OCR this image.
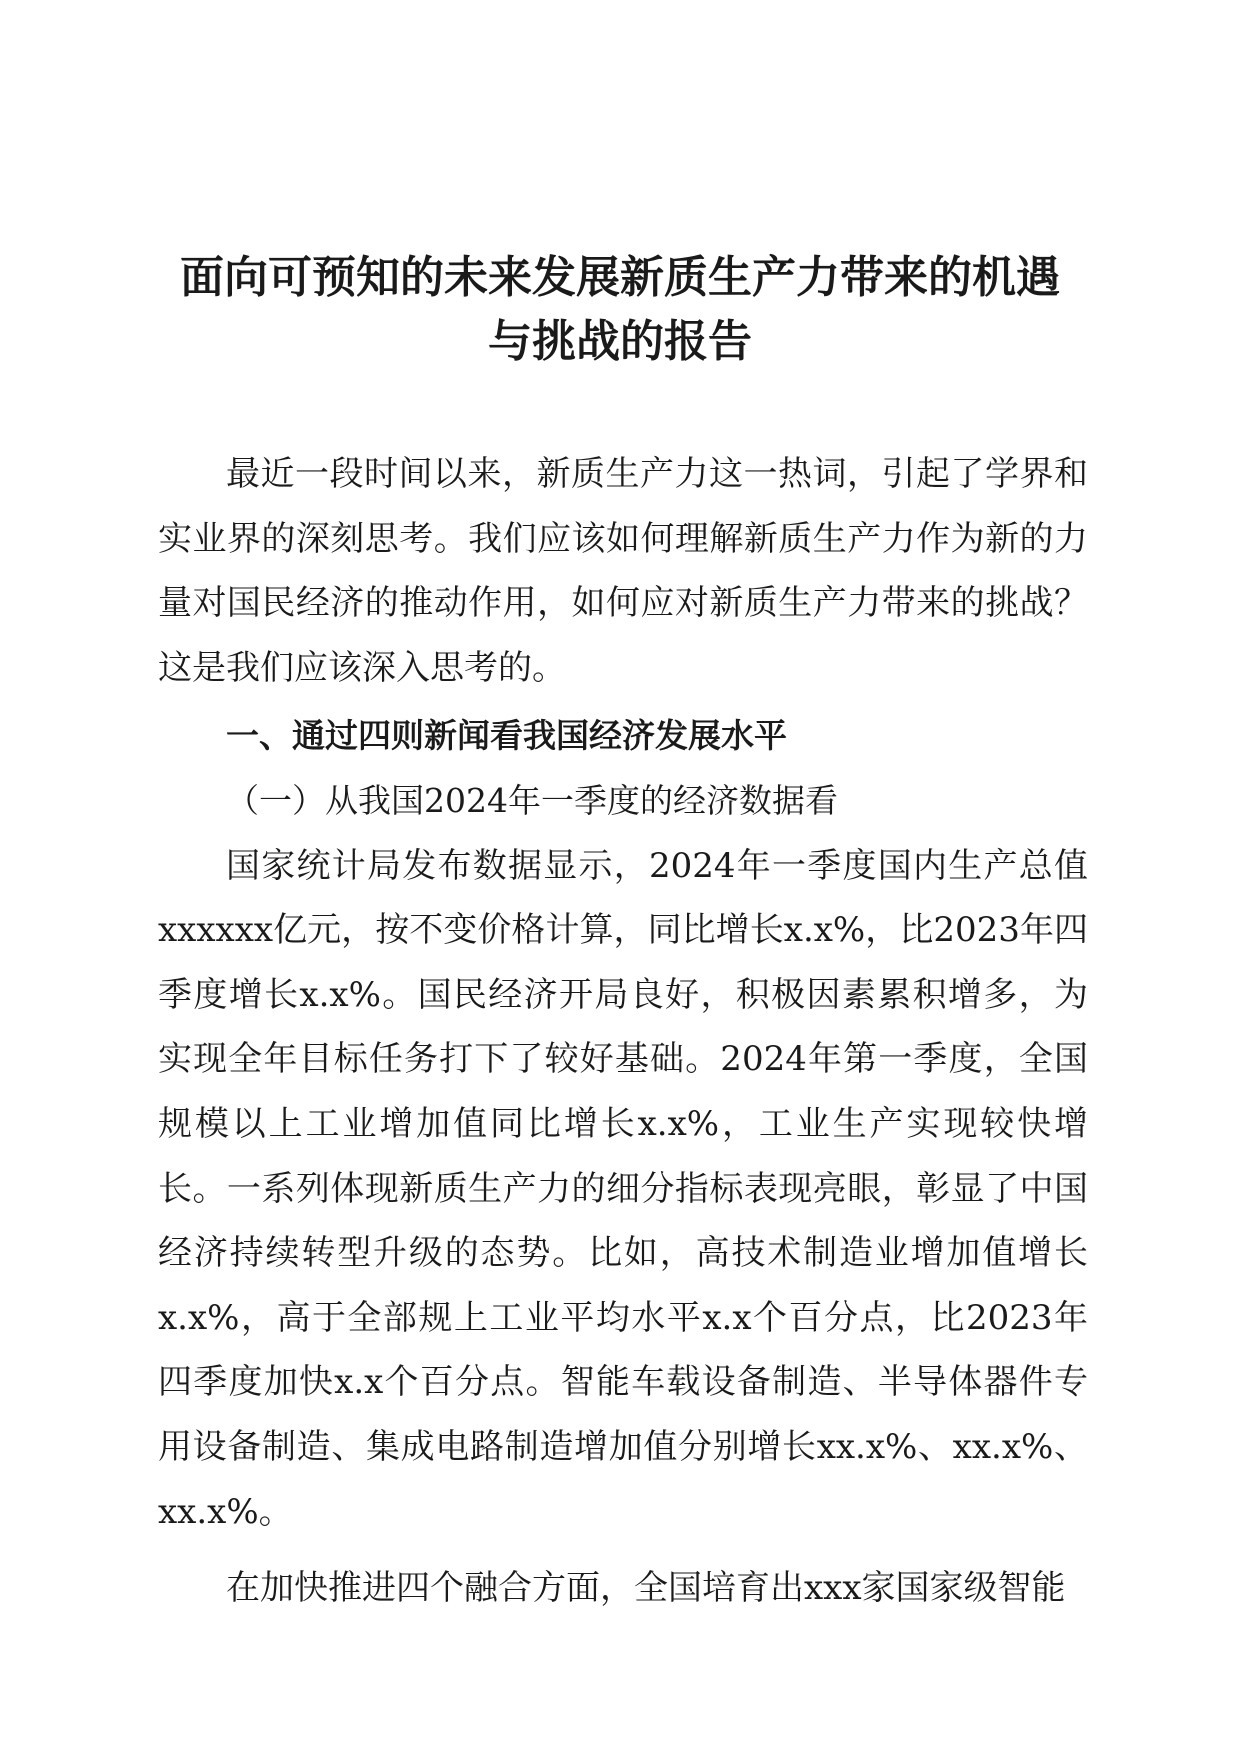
面向可预知的未来发展新质生产力带来的机遇
与挑战的报告

最近一段时间以来，新质生产力这一热词，引起了学界和实业界的深刻思考。我们应该如何理解新质生产力作为新的力量对国民经济的推动作用，如何应对新质生产力带来的挑战？这是我们应该深入思考的。

一、通过四则新闻看我国经济发展水平
（一）从我国2024年一季度的经济数据看

国家统计局发布数据显示，2024年一季度国内生产总值xxxxxx亿元，按不变价格计算，同比增长x.x%，比2023年四季度增长x.x%。国民经济开局良好，积极因素累积增多，为实现全年目标任务打下了较好基础。2024年第一季度，全国规模以上工业增加值同比增长x.x%，工业生产实现较快增长。一系列体现新质生产力的细分指标表现亮眼，彰显了中国经济持续转型升级的态势。比如，高技术制造业增加值增长x.x%，高于全部规上工业平均水平x.x个百分点，比2023年四季度加快x.x个百分点。智能车载设备制造、半导体器件专用设备制造、集成电路制造增加值分别增长xx.x%、xx.x%、xx.x%。

在加快推进四个融合方面，全国培育出xxx家国家级智能
